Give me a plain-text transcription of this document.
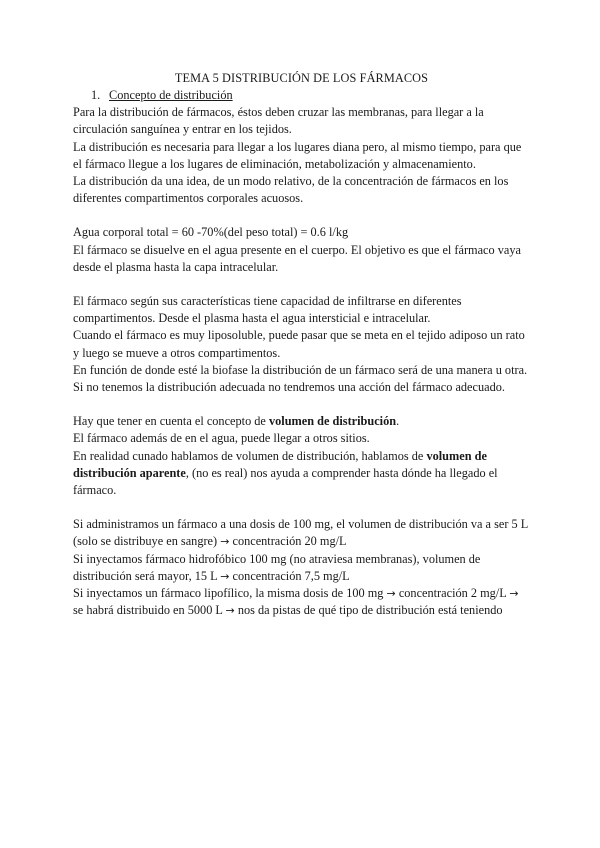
TEMA 5 DISTRIBUCIÓN DE LOS FÁRMACOS
1. Concepto de distribución

Para la distribución de fármacos, éstos deben cruzar las membranas, para llegar a la circulación sanguínea y entrar en los tejidos.

La distribución es necesaria para llegar a los lugares diana pero, al mismo tiempo, para que el fármaco llegue a los lugares de eliminación, metabolización y almacenamiento.

La distribución da una idea, de un modo relativo, de la concentración de fármacos en los diferentes compartimentos corporales acuosos.

Agua corporal total = 60 -70%(del peso total) = 0.6 l/kg

El fármaco se disuelve en el agua presente en el cuerpo. El objetivo es que el fármaco vaya desde el plasma hasta la capa intracelular.

El fármaco según sus características tiene capacidad de infiltrarse en diferentes compartimentos. Desde el plasma hasta el agua intersticial e intracelular.

Cuando el fármaco es muy liposoluble, puede pasar que se meta en el tejido adiposo un rato y luego se mueve a otros compartimentos.

En función de donde esté la biofase la distribución de un fármaco será de una manera u otra. Si no tenemos la distribución adecuada no tendremos una acción del fármaco adecuado.

Hay que tener en cuenta el concepto de volumen de distribución.

El fármaco además de en el agua, puede llegar a otros sitios.

En realidad cunado hablamos de volumen de distribución, hablamos de volumen de distribución aparente, (no es real) nos ayuda a comprender hasta dónde ha llegado el fármaco.

Si administramos un fármaco a una dosis de 100 mg, el volumen de distribución va a ser 5 L (solo se distribuye en sangre) → concentración 20 mg/L

Si inyectamos fármaco hidrofóbico 100 mg (no atraviesa membranas), volumen de distribución será mayor, 15 L → concentración 7,5 mg/L

Si inyectamos un fármaco lipofílico, la misma dosis de 100 mg → concentración 2 mg/L → se habrá distribuido en 5000 L → nos da pistas de qué tipo de distribución está teniendo
